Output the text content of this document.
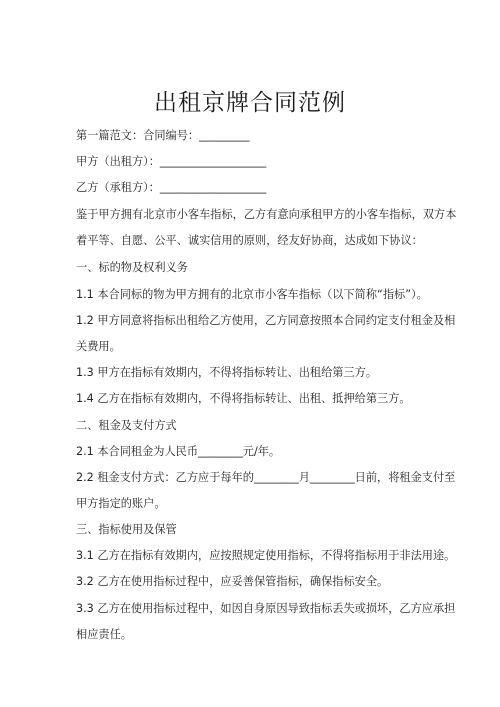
出租京牌合同范例
第一篇范文：合同编号：_________
甲方（出租方）：___________________
乙方（承租方）：___________________
鉴于甲方拥有北京市小客车指标，乙方有意向承租甲方的小客车指标，双方本
着平等、自愿、公平、诚实信用的原则，经友好协商，达成如下协议：
一、标的物及权利义务
1.1 本合同标的物为甲方拥有的北京市小客车指标（以下简称“指标”）。
1.2 甲方同意将指标出租给乙方使用，乙方同意按照本合同约定支付租金及相
关费用。
1.3 甲方在指标有效期内，不得将指标转让、出租给第三方。
1.4 乙方在指标有效期内，不得将指标转让、出租、抵押给第三方。
二、租金及支付方式
2.1 本合同租金为人民币________元/年。
2.2 租金支付方式：乙方应于每年的________月________日前，将租金支付至
甲方指定的账户。
三、指标使用及保管
3.1 乙方在指标有效期内，应按照规定使用指标，不得将指标用于非法用途。
3.2 乙方在使用指标过程中，应妥善保管指标，确保指标安全。
3.3 乙方在使用指标过程中，如因自身原因导致指标丢失或损坏，乙方应承担
相应责任。
